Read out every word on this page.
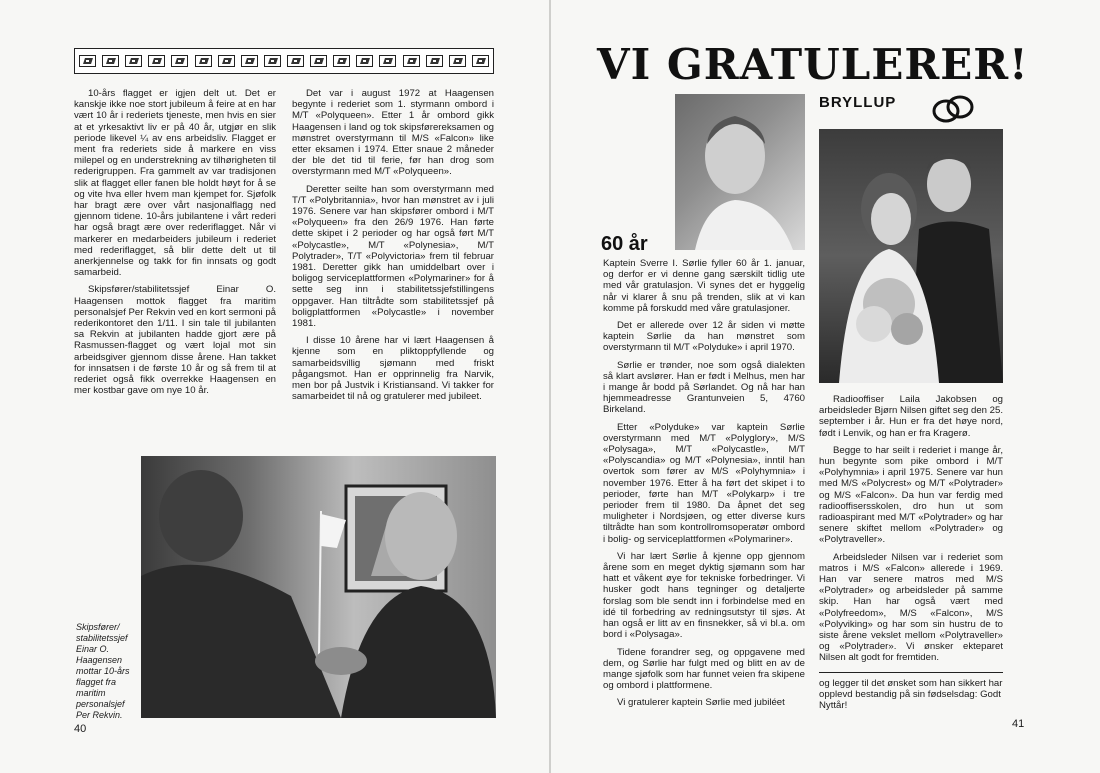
10-års flagget er igjen delt ut. Det er kanskje ikke noe stort jubileum å feire at en har vært 10 år i rederiets tjeneste, men hvis en sier at et yrkesaktivt liv er på 40 år, utgjør en slik periode likevel ¼ av ens arbeidsliv. Flagget er ment fra rederiets side å markere en viss milepel og en understrekning av tilhørigheten til rederigruppen. Fra gammelt av var tradisjonen slik at flagget eller fanen ble holdt høyt for å se og vite hva eller hvem man kjempet for. Sjøfolk har bragt ære over vårt nasjonalflagg ned gjennom tidene. 10-års jubilantene i vårt rederi har også bragt ære over rederiflagget. Når vi markerer en medarbeiders jubileum i rederiet med rederiflagget, så blir dette delt ut til anerkjennelse og takk for fin innsats og godt samarbeid.

Skipsfører/stabilitetssjef Einar O. Haagensen mottok flagget fra maritim personalsjef Per Rekvin ved en kort sermoni på rederikontoret den 1/11. I sin tale til jubilanten sa Rekvin at jubilanten hadde gjort ære på Rasmussen-flagget og vært lojal mot sin arbeidsgiver gjennom disse årene. Han takket for innsatsen i de første 10 år og så frem til at rederiet også fikk overrekke Haagensen en mer kostbar gave om nye 10 år.

Det var i august 1972 at Haagensen begynte i rederiet som 1. styrmann ombord i M/T «Polyqueen». Etter 1 år ombord gikk Haagensen i land og tok skipsførereksamen og mønstret overstyrmann til M/S «Falcon» like etter eksamen i 1974. Etter snaue 2 måneder der ble det tid til ferie, før han drog som overstyrmann med M/T «Polyqueen».

Deretter seilte han som overstyrmann med T/T «Polybritannia», hvor han mønstret av i juli 1976. Senere var han skipsfører ombord i M/T «Polyqueen» fra den 26/9 1976. Han førte dette skipet i 2 perioder og har også ført M/T «Polycastle», M/T «Polynesia», M/T Polytrader», T/T «Polyvictoria» frem til februar 1981. Deretter gikk han umiddelbart over i boligog serviceplattformen «Polymariner» for å sette seg inn i stabilitetssjefstillingens oppgaver. Han tiltrådte som stabilitetssjef på boligplattformen «Polycastle» i november 1981.

I disse 10 årene har vi lært Haagensen å kjenne som en pliktoppfyllende og samarbeidsvillig sjømann med friskt pågangsmot. Han er opprinnelig fra Narvik, men bor på Justvik i Kristiansand. Vi takker for samarbeidet til nå og gratulerer med jubileet.

Skipsfører/ stabilitetssjef Einar O. Haagensen mottar 10-års flagget fra maritim personalsjef Per Rekvin.
40
VI GRATULERER!
BRYLLUP
60 år

Kaptein Sverre I. Sørlie fyller 60 år 1. januar, og derfor er vi denne gang særskilt tidlig ute med vår gratulasjon. Vi synes det er hyggelig når vi klarer å snu på trenden, slik at vi kan komme på forskudd med våre gratulasjoner.

Det er allerede over 12 år siden vi møtte kaptein Sørlie da han mønstret som overstyrmann til M/T «Polyduke» i april 1970.

Sørlie er trønder, noe som også dialekten så klart avslører. Han er født i Melhus, men har i mange år bodd på Sørlandet. Og nå har han hjemmeadresse Grantunveien 5, 4760 Birkeland.

Etter «Polyduke» var kaptein Sørlie overstyrmann med M/T «Polyglory», M/S «Polysaga», M/T «Polycastle», M/T «Polyscandia» og M/T «Polynesia», inntil han overtok som fører av M/S «Polyhymnia» i november 1976. Etter å ha ført det skipet i to perioder, førte han M/T «Polykarp» i tre perioder frem til 1980. Da åpnet det seg muligheter i Nordsjøen, og etter diverse kurs tiltrådte han som kontrollromsoperatør ombord i bolig- og serviceplattformen «Polymariner».

Vi har lært Sørlie å kjenne opp gjennom årene som en meget dyktig sjømann som har hatt et våkent øye for tekniske forbedringer. Vi husker godt hans tegninger og detaljerte forslag som ble sendt inn i forbindelse med en idé til forbedring av redningsutstyr til sjøs. At han også er litt av en finsnekker, så vi bl.a. om bord i «Polysaga».

Tidene forandrer seg, og oppgavene med dem, og Sørlie har fulgt med og blitt en av de mange sjøfolk som har funnet veien fra skipene og ombord i plattformene.

Vi gratulerer kaptein Sørlie med jubiléet

Radiooffiser Laila Jakobsen og arbeidsleder Bjørn Nilsen giftet seg den 25. september i år. Hun er fra det høye nord, født i Lenvik, og han er fra Kragerø.

Begge to har seilt i rederiet i mange år, hun begynte som pike ombord i M/T «Polyhymnia» i april 1975. Senere var hun med M/S «Polycrest» og M/T «Polytrader» og M/S «Falcon». Da hun var ferdig med radiooffisersskolen, dro hun ut som radioaspirant med M/T «Polytrader» og har senere skiftet mellom «Polytrader» og «Polytraveller».

Arbeidsleder Nilsen var i rederiet som matros i M/S «Falcon» allerede i 1969. Han var senere matros med M/S «Polytrader» og arbeidsleder på samme skip. Han har også vært med «Polyfreedom», M/S «Falcon», M/S «Polyviking» og har som sin hustru de to siste årene vekslet mellom «Polytraveller» og «Polytrader». Vi ønsker ekteparet Nilsen alt godt for fremtiden.

og legger til det ønsket som han sikkert har opplevd bestandig på sin fødselsdag: Godt Nyttår!

41
